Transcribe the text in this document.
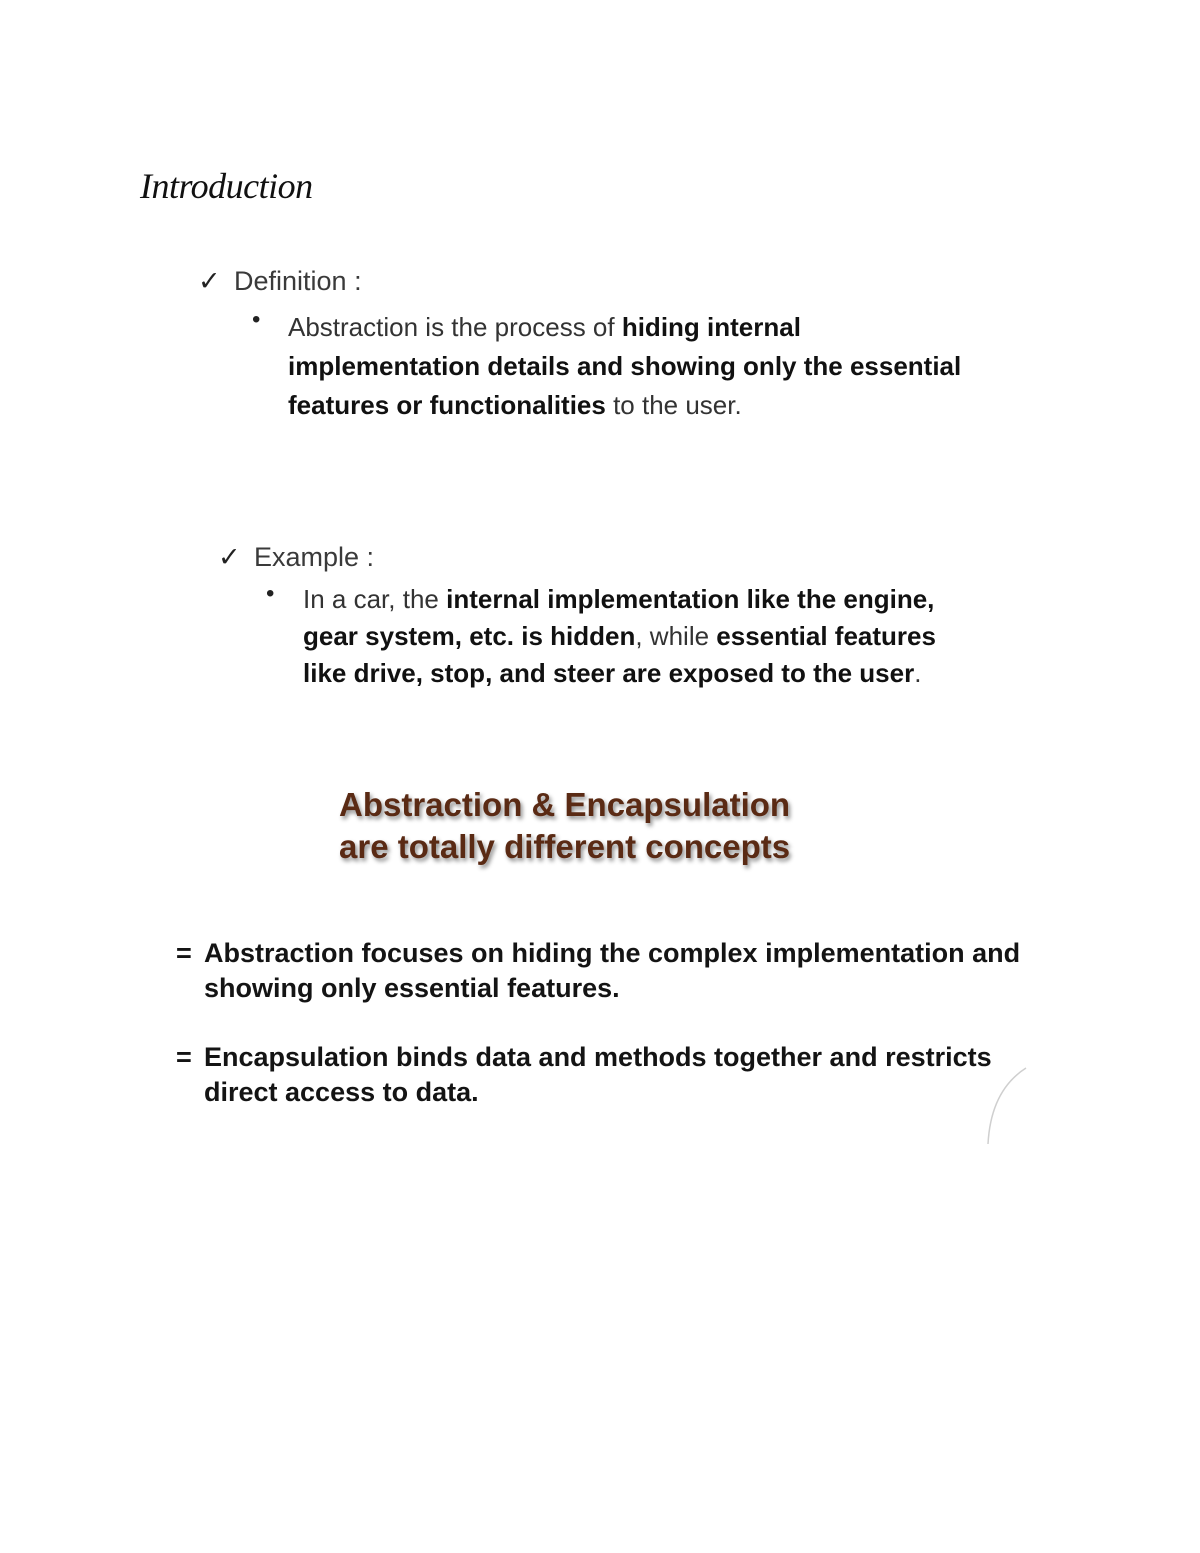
Introduction
✓ Definition :
• Abstraction is the process of hiding internal implementation details and showing only the essential features or functionalities to the user.
✓ Example :
• In a car, the internal implementation like the engine, gear system, etc. is hidden, while essential features like drive, stop, and steer are exposed to the user.
Abstraction & Encapsulation
are totally different concepts
= Abstraction focuses on hiding the complex implementation and showing only essential features.
= Encapsulation binds data and methods together and restricts direct access to data.
